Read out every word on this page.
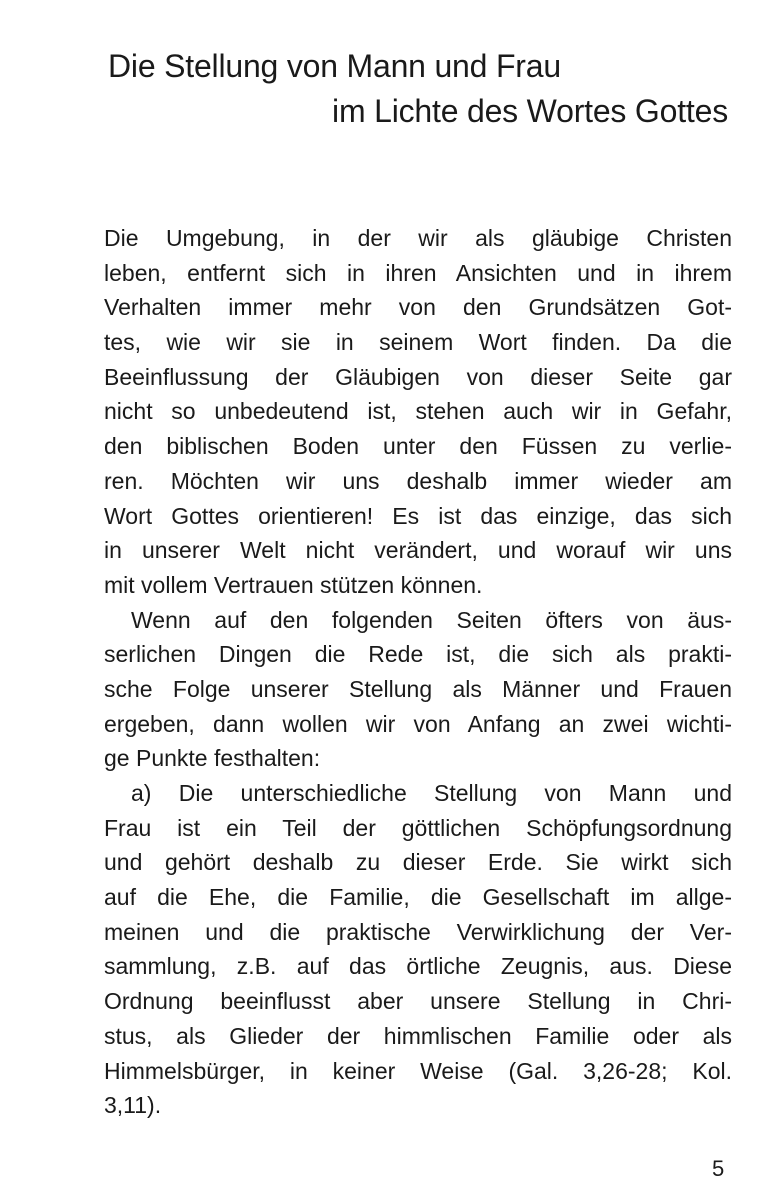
Die Stellung von Mann und Frau
im Lichte des Wortes Gottes
Die Umgebung, in der wir als gläubige Christen
leben, entfernt sich in ihren Ansichten und in ihrem
Verhalten immer mehr von den Grundsätzen Got-
tes, wie wir sie in seinem Wort finden. Da die
Beeinflussung der Gläubigen von dieser Seite gar
nicht so unbedeutend ist, stehen auch wir in Gefahr,
den biblischen Boden unter den Füssen zu verlie-
ren. Möchten wir uns deshalb immer wieder am
Wort Gottes orientieren! Es ist das einzige, das sich
in unserer Welt nicht verändert, und worauf wir uns
mit vollem Vertrauen stützen können.
Wenn auf den folgenden Seiten öfters von äus-
serlichen Dingen die Rede ist, die sich als prakti-
sche Folge unserer Stellung als Männer und Frauen
ergeben, dann wollen wir von Anfang an zwei wichti-
ge Punkte festhalten:
a) Die unterschiedliche Stellung von Mann und
Frau ist ein Teil der göttlichen Schöpfungsordnung
und gehört deshalb zu dieser Erde. Sie wirkt sich
auf die Ehe, die Familie, die Gesellschaft im allge-
meinen und die praktische Verwirklichung der Ver-
sammlung, z.B. auf das örtliche Zeugnis, aus. Diese
Ordnung beeinflusst aber unsere Stellung in Chri-
stus, als Glieder der himmlischen Familie oder als
Himmelsbürger, in keiner Weise (Gal. 3,26-28; Kol.
3,11).
5
